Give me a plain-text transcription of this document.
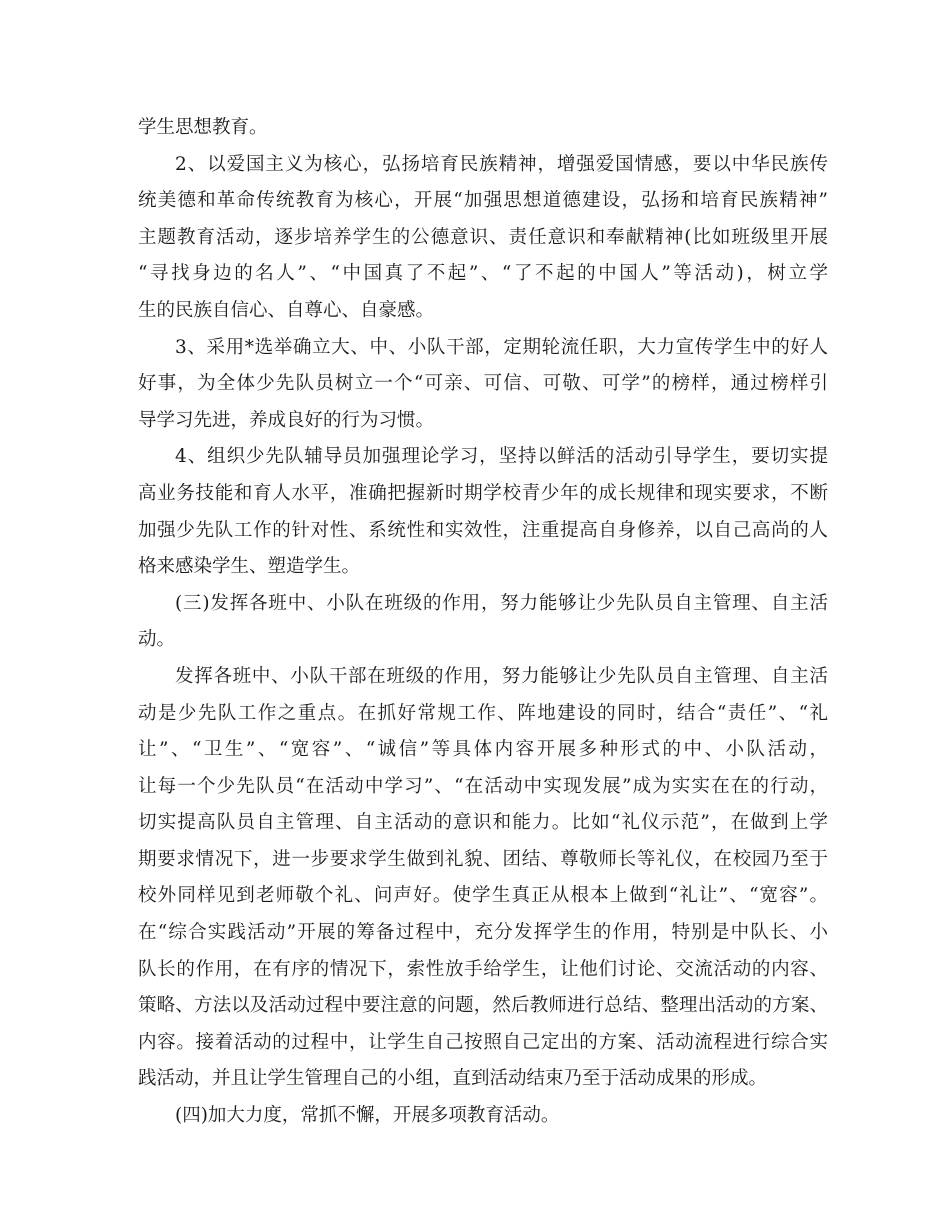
学生思想教育。
2、以爱国主义为核心，弘扬培育民族精神，增强爱国情感，要以中华民族传
统美德和革命传统教育为核心，开展“加强思想道德建设，弘扬和培育民族精神”
主题教育活动，逐步培养学生的公德意识、责任意识和奉献精神(比如班级里开展
“寻找身边的名人”、“中国真了不起”、“了不起的中国人”等活动)，树立学
生的民族自信心、自尊心、自豪感。
3、采用*选举确立大、中、小队干部，定期轮流任职，大力宣传学生中的好人
好事，为全体少先队员树立一个“可亲、可信、可敬、可学”的榜样，通过榜样引
导学习先进，养成良好的行为习惯。
4、组织少先队辅导员加强理论学习，坚持以鲜活的活动引导学生，要切实提
高业务技能和育人水平，准确把握新时期学校青少年的成长规律和现实要求，不断
加强少先队工作的针对性、系统性和实效性，注重提高自身修养，以自己高尚的人
格来感染学生、塑造学生。
(三)发挥各班中、小队在班级的作用，努力能够让少先队员自主管理、自主活
动。
发挥各班中、小队干部在班级的作用，努力能够让少先队员自主管理、自主活
动是少先队工作之重点。在抓好常规工作、阵地建设的同时，结合“责任”、“礼
让”、“卫生”、“宽容”、“诚信”等具体内容开展多种形式的中、小队活动，
让每一个少先队员“在活动中学习”、“在活动中实现发展”成为实实在在的行动，
切实提高队员自主管理、自主活动的意识和能力。比如“礼仪示范”，在做到上学
期要求情况下，进一步要求学生做到礼貌、团结、尊敬师长等礼仪，在校园乃至于
校外同样见到老师敬个礼、问声好。使学生真正从根本上做到“礼让”、“宽容”。
在“综合实践活动”开展的筹备过程中，充分发挥学生的作用，特别是中队长、小
队长的作用，在有序的情况下，索性放手给学生，让他们讨论、交流活动的内容、
策略、方法以及活动过程中要注意的问题，然后教师进行总结、整理出活动的方案、
内容。接着活动的过程中，让学生自己按照自己定出的方案、活动流程进行综合实
践活动，并且让学生管理自己的小组，直到活动结束乃至于活动成果的形成。
(四)加大力度，常抓不懈，开展多项教育活动。
